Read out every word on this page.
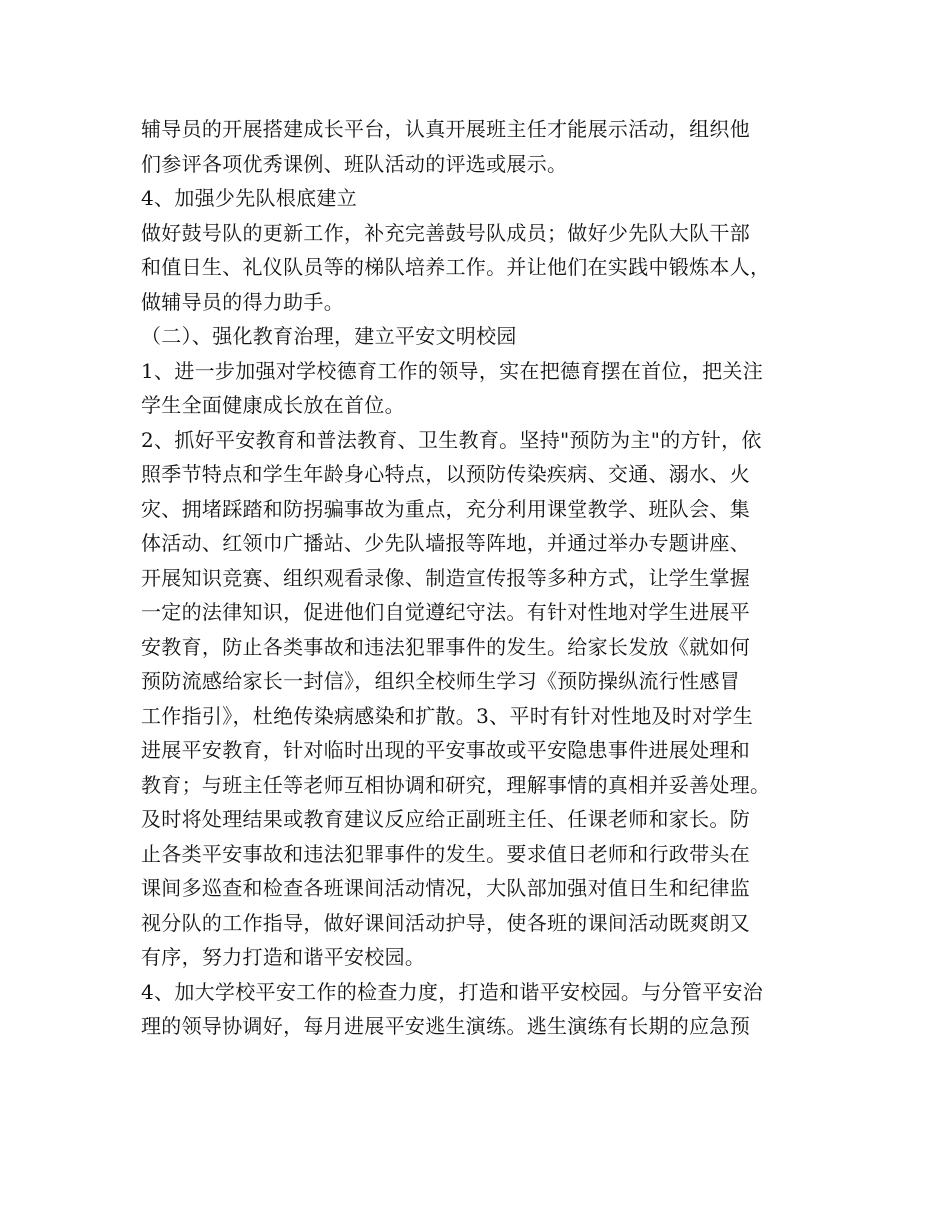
辅导员的开展搭建成长平台，认真开展班主任才能展示活动，组织他
们参评各项优秀课例、班队活动的评选或展示。
4、加强少先队根底建立
做好鼓号队的更新工作，补充完善鼓号队成员；做好少先队大队干部
和值日生、礼仪队员等的梯队培养工作。并让他们在实践中锻炼本人，
做辅导员的得力助手。
（二）、强化教育治理，建立平安文明校园
1、进一步加强对学校德育工作的领导，实在把德育摆在首位，把关注
学生全面健康成长放在首位。
2、抓好平安教育和普法教育、卫生教育。坚持"预防为主"的方针，依
照季节特点和学生年龄身心特点，以预防传染疾病、交通、溺水、火
灾、拥堵踩踏和防拐骗事故为重点，充分利用课堂教学、班队会、集
体活动、红领巾广播站、少先队墙报等阵地，并通过举办专题讲座、
开展知识竞赛、组织观看录像、制造宣传报等多种方式，让学生掌握
一定的法律知识，促进他们自觉遵纪守法。有针对性地对学生进展平
安教育，防止各类事故和违法犯罪事件的发生。给家长发放《就如何
预防流感给家长一封信》，组织全校师生学习《预防操纵流行性感冒
工作指引》，杜绝传染病感染和扩散。3、平时有针对性地及时对学生
进展平安教育，针对临时出现的平安事故或平安隐患事件进展处理和
教育；与班主任等老师互相协调和研究，理解事情的真相并妥善处理。
及时将处理结果或教育建议反应给正副班主任、任课老师和家长。防
止各类平安事故和违法犯罪事件的发生。要求值日老师和行政带头在
课间多巡查和检查各班课间活动情况，大队部加强对值日生和纪律监
视分队的工作指导，做好课间活动护导，使各班的课间活动既爽朗又
有序，努力打造和谐平安校园。
4、加大学校平安工作的检查力度，打造和谐平安校园。与分管平安治
理的领导协调好，每月进展平安逃生演练。逃生演练有长期的应急预
